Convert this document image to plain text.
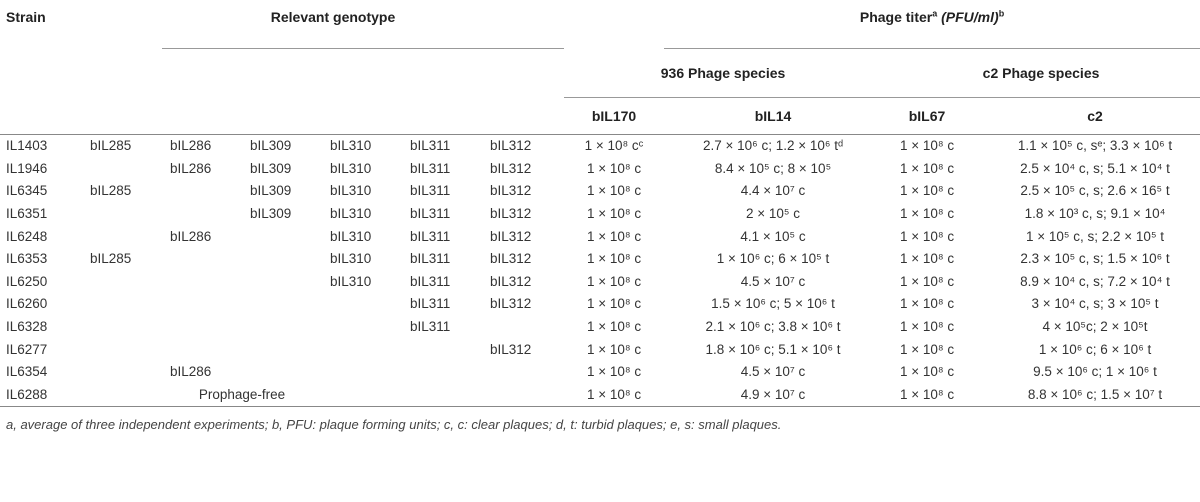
Strain		Relevant genotype						Phage titer$^a$ $(PFU/ml)^b$
							936 Phage species		c2 Phage species	
							bIL170	bIL14	bIL67	c2
IL1403	bIL285	bIL286	bIL309	bIL310	bIL311	bIL312	1 × 10⁸ cᶜ	2.7 × 10⁶ c; 1.2 × 10⁶ tᵈ	1 × 10⁸ c	1.1 × 10⁵ c, sᵉ; 3.3 × 10⁶ t
IL1946		bIL286	bIL309	bIL310	bIL311	bIL312	1 × 10⁸ c	8.4 × 10⁵ c; 8 × 10⁵	1 × 10⁸ c	2.5 × 10⁴ c, s; 5.1 × 10⁴ t
IL6345	bIL285		bIL309	bIL310	bIL311	bIL312	1 × 10⁸ c	4.4 × 10⁷ c	1 × 10⁸ c	2.5 × 10⁵ c, s; 2.6 × 16⁵ t
IL6351			bIL309	bIL310	bIL311	bIL312	1 × 10⁸ c	2 × 10⁵ c	1 × 10⁸ c	1.8 × 10³ c, s; 9.1 × 10⁴
IL6248		bIL286		bIL310	bIL311	bIL312	1 × 10⁸ c	4.1 × 10⁵ c	1 × 10⁸ c	1 × 10⁵ c, s; 2.2 × 10⁵ t
IL6353	bIL285			bIL310	bIL311	bIL312	1 × 10⁸ c	1 × 10⁶ c; 6 × 10⁵ t	1 × 10⁸ c	2.3 × 10⁵ c, s; 1.5 × 10⁶ t
IL6250				bIL310	bIL311	bIL312	1 × 10⁸ c	4.5 × 10⁷ c	1 × 10⁸ c	8.9 × 10⁴ c, s; 7.2 × 10⁴ t
IL6260					bIL311	bIL312	1 × 10⁸ c	1.5 × 10⁶ c; 5 × 10⁶ t	1 × 10⁸ c	3 × 10⁴ c, s; 3 × 10⁵ t
IL6328					bIL311		1 × 10⁸ c	2.1 × 10⁶ c; 3.8 × 10⁶ t	1 × 10⁸ c	4 × 10⁵c; 2 × 10⁵t
IL6277						bIL312	1 × 10⁸ c	1.8 × 10⁶ c; 5.1 × 10⁶ t	1 × 10⁸ c	1 × 10⁶ c; 6 × 10⁶ t
IL6354		bIL286					1 × 10⁸ c	4.5 × 10⁷ c	1 × 10⁸ c	9.5 × 10⁶ c; 1 × 10⁶ t
IL6288	Prophage-free						1 × 10⁸ c	4.9 × 10⁷ c	1 × 10⁸ c	8.8 × 10⁶ c; 1.5 × 10⁷ t
a, average of three independent experiments; b, PFU: plaque forming units; c, c: clear plaques; d, t: turbid plaques; e, s: small plaques.
